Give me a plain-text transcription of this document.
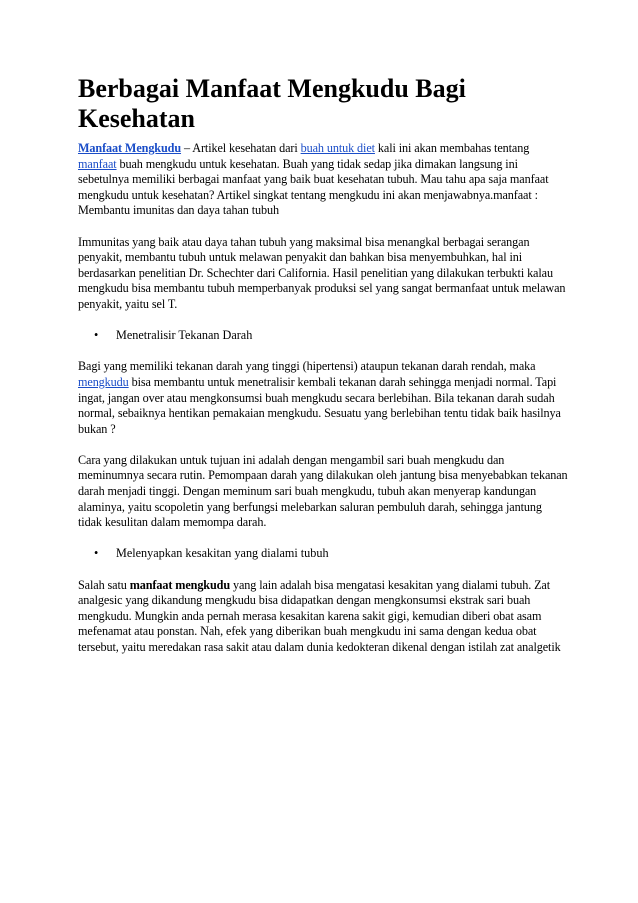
Berbagai Manfaat Mengkudu Bagi Kesehatan

Manfaat Mengkudu – Artikel kesehatan dari buah untuk diet kali ini akan membahas tentang manfaat buah mengkudu untuk kesehatan. Buah yang tidak sedap jika dimakan langsung ini sebetulnya memiliki berbagai manfaat yang baik buat kesehatan tubuh. Mau tahu apa saja manfaat mengkudu untuk kesehatan? Artikel singkat tentang mengkudu ini akan menjawabnya.manfaat : Membantu imunitas dan daya tahan tubuh

Immunitas yang baik atau daya tahan tubuh yang maksimal bisa menangkal berbagai serangan penyakit, membantu tubuh untuk melawan penyakit dan bahkan bisa menyembuhkan, hal ini berdasarkan penelitian Dr. Schechter dari California. Hasil penelitian yang dilakukan terbukti kalau mengkudu bisa membantu tubuh memperbanyak produksi sel yang sangat bermanfaat untuk melawan penyakit, yaitu sel T.

• Menetralisir Tekanan Darah

Bagi yang memiliki tekanan darah yang tinggi (hipertensi) ataupun tekanan darah rendah, maka mengkudu bisa membantu untuk menetralisir kembali tekanan darah sehingga menjadi normal. Tapi ingat, jangan over atau mengkonsumsi buah mengkudu secara berlebihan. Bila tekanan darah sudah normal, sebaiknya hentikan pemakaian mengkudu. Sesuatu yang berlebihan tentu tidak baik hasilnya bukan ?

Cara yang dilakukan untuk tujuan ini adalah dengan mengambil sari buah mengkudu dan meminumnya secara rutin. Pemompaan darah yang dilakukan oleh jantung bisa menyebabkan tekanan darah menjadi tinggi. Dengan meminum sari buah mengkudu, tubuh akan menyerap kandungan alaminya, yaitu scopoletin yang berfungsi melebarkan saluran pembuluh darah, sehingga jantung tidak kesulitan dalam memompa darah.

• Melenyapkan kesakitan yang dialami tubuh

Salah satu manfaat mengkudu yang lain adalah bisa mengatasi kesakitan yang dialami tubuh. Zat analgesic yang dikandung mengkudu bisa didapatkan dengan mengkonsumsi ekstrak sari buah mengkudu. Mungkin anda pernah merasa kesakitan karena sakit gigi, kemudian diberi obat asam mefenamat atau ponstan. Nah, efek yang diberikan buah mengkudu ini sama dengan kedua obat tersebut, yaitu meredakan rasa sakit atau dalam dunia kedokteran dikenal dengan istilah zat analgetik
